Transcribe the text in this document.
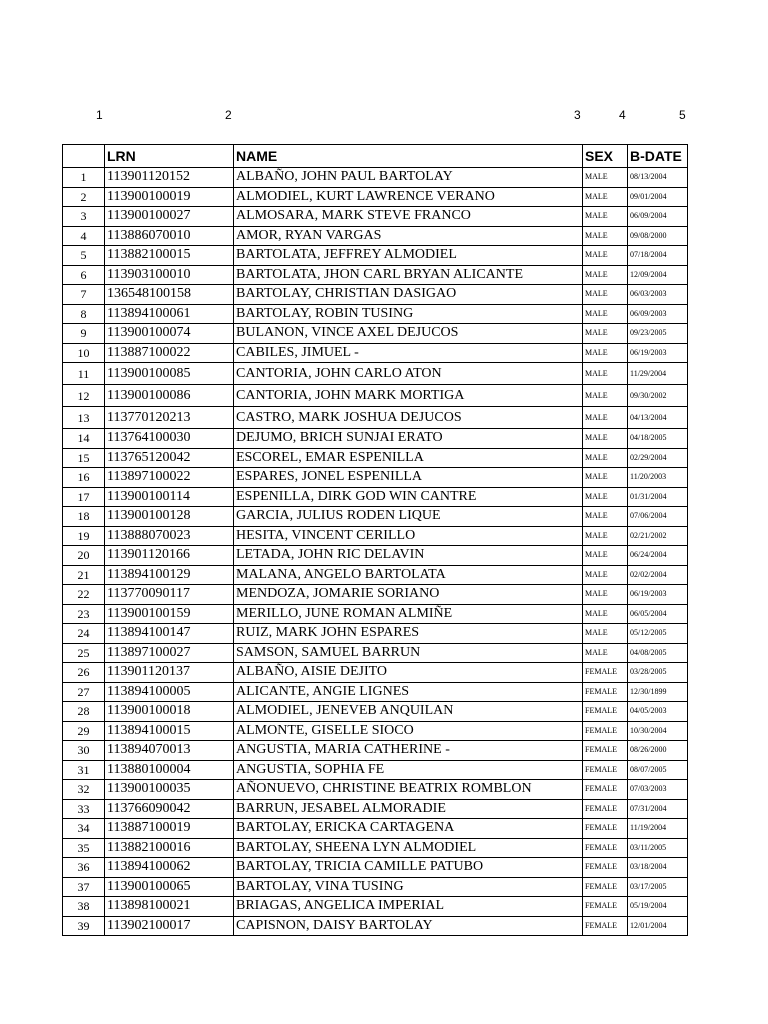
1	2	3	4	5
	LRN	NAME	SEX	B-DATE
1	113901120152	ALBAÑO, JOHN PAUL BARTOLAY	MALE	08/13/2004
2	113900100019	ALMODIEL, KURT LAWRENCE VERANO	MALE	09/01/2004
3	113900100027	ALMOSARA, MARK STEVE FRANCO	MALE	06/09/2004
4	113886070010	AMOR, RYAN VARGAS	MALE	09/08/2000
5	113882100015	BARTOLATA, JEFFREY ALMODIEL	MALE	07/18/2004
6	113903100010	BARTOLATA, JHON CARL BRYAN ALICANTE	MALE	12/09/2004
7	136548100158	BARTOLAY, CHRISTIAN DASIGAO	MALE	06/03/2003
8	113894100061	BARTOLAY, ROBIN TUSING	MALE	06/09/2003
9	113900100074	BULANON, VINCE AXEL DEJUCOS	MALE	09/23/2005
10	113887100022	CABILES, JIMUEL -	MALE	06/19/2003
11	113900100085	CANTORIA, JOHN CARLO ATON	MALE	11/29/2004
12	113900100086	CANTORIA, JOHN MARK MORTIGA	MALE	09/30/2002
13	113770120213	CASTRO, MARK JOSHUA DEJUCOS	MALE	04/13/2004
14	113764100030	DEJUMO, BRICH SUNJAI ERATO	MALE	04/18/2005
15	113765120042	ESCOREL, EMAR ESPENILLA	MALE	02/29/2004
16	113897100022	ESPARES, JONEL ESPENILLA	MALE	11/20/2003
17	113900100114	ESPENILLA, DIRK GOD WIN CANTRE	MALE	01/31/2004
18	113900100128	GARCIA, JULIUS RODEN LIQUE	MALE	07/06/2004
19	113888070023	HESITA, VINCENT CERILLO	MALE	02/21/2002
20	113901120166	LETADA, JOHN RIC DELAVIN	MALE	06/24/2004
21	113894100129	MALANA, ANGELO BARTOLATA	MALE	02/02/2004
22	113770090117	MENDOZA, JOMARIE SORIANO	MALE	06/19/2003
23	113900100159	MERILLO, JUNE ROMAN ALMIÑE	MALE	06/05/2004
24	113894100147	RUIZ, MARK JOHN ESPARES	MALE	05/12/2005
25	113897100027	SAMSON, SAMUEL BARRUN	MALE	04/08/2005
26	113901120137	ALBAÑO, AISIE DEJITO	FEMALE	03/28/2005
27	113894100005	ALICANTE, ANGIE LIGNES	FEMALE	12/30/1899
28	113900100018	ALMODIEL, JENEVEB ANQUILAN	FEMALE	04/05/2003
29	113894100015	ALMONTE, GISELLE SIOCO	FEMALE	10/30/2004
30	113894070013	ANGUSTIA, MARIA CATHERINE -	FEMALE	08/26/2000
31	113880100004	ANGUSTIA, SOPHIA FE	FEMALE	08/07/2005
32	113900100035	AÑONUEVO, CHRISTINE BEATRIX ROMBLON	FEMALE	07/03/2003
33	113766090042	BARRUN, JESABEL ALMORADIE	FEMALE	07/31/2004
34	113887100019	BARTOLAY, ERICKA CARTAGENA	FEMALE	11/19/2004
35	113882100016	BARTOLAY, SHEENA LYN ALMODIEL	FEMALE	03/11/2005
36	113894100062	BARTOLAY, TRICIA CAMILLE PATUBO	FEMALE	03/18/2004
37	113900100065	BARTOLAY, VINA TUSING	FEMALE	03/17/2005
38	113898100021	BRIAGAS, ANGELICA IMPERIAL	FEMALE	05/19/2004
39	113902100017	CAPISNON, DAISY BARTOLAY	FEMALE	12/01/2004
